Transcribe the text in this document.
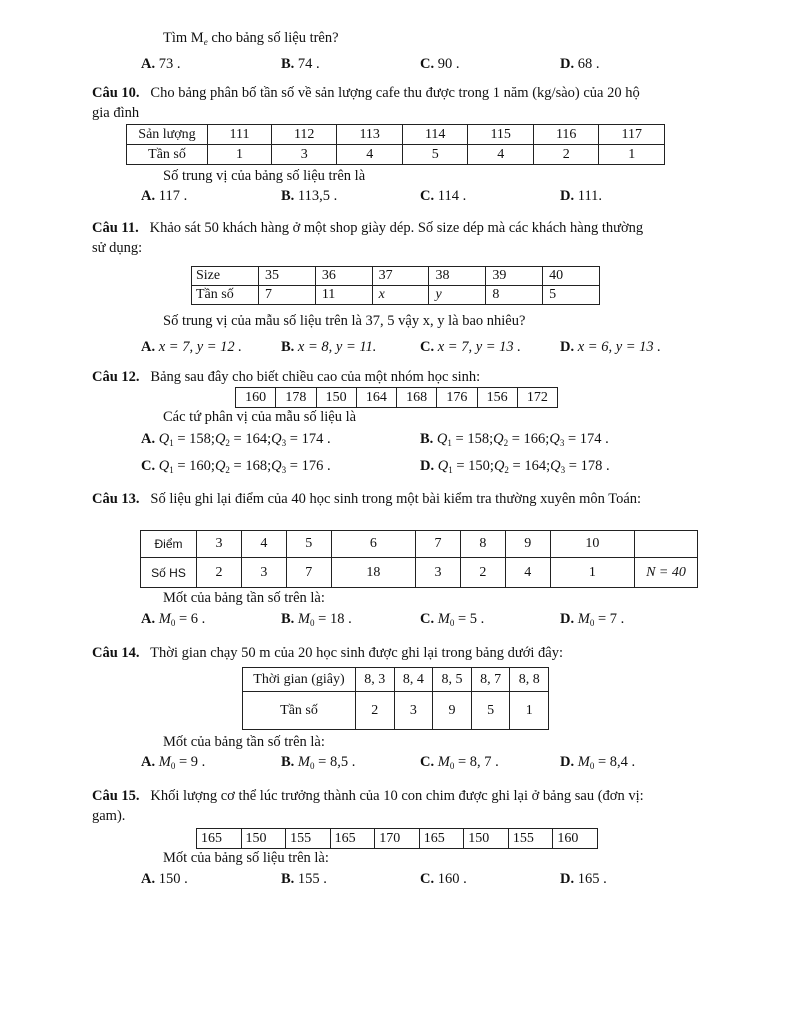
Tìm $M_e$ cho bảng số liệu trên?
A. 73 .	B. 74 .	C. 90 .	D. 68 .
Câu 10. Cho bảng phân bố tần số về sản lượng cafe thu được trong 1 năm (kg/sào) của 20 hộ
gia đình
Sản lượng	111	112	113	114	115	116	117
Tần số	1	3	4	5	4	2	1
Số trung vị của bảng số liệu trên là
A. 117 .	B. 113,5 .	C. 114 .	D. 111.
Câu 11. Khảo sát 50 khách hàng ở một shop giày dép. Số size dép mà các khách hàng thường
sử dụng:
Size	35	36	37	38	39	40
Tần số	7	11	x	y	8	5
Số trung vị của mẫu số liệu trên là 37, 5 vậy x, y là bao nhiêu?
A. x = 7, y = 12 .	B. x = 8, y = 11.	C. x = 7, y = 13 .	D. x = 6, y = 13 .
Câu 12. Bảng sau đây cho biết chiều cao của một nhóm học sinh:
160	178	150	164	168	176	156	172
Các tứ phân vị của mẫu số liệu là
A. $Q_1$ = $158;Q_2$ = $164;Q_3 = 174$ .	B. $Q_1$ = $158;Q_2$ = $166;Q_3 = 174$ .
C. $Q_1$ = $160;Q_2$ = $168;Q_3 = 176$ .	D. $Q_1$ = $150;Q_2$ = $164;Q_3 = 178$ .
Câu 13. Số liệu ghi lại điểm của 40 học sinh trong một bài kiểm tra thường xuyên môn Toán:
Điểm	3	4	5	6	7	8	9	10	
Số HS	2	3	7	18	3	2	4	1	N = 40
Mốt của bảng tần số trên là:
A. $M_0 = 6$ .	B. $M_0 = 18$ .	C. $M_0 = 5$ .	D. $M_0 = 7$ .
Câu 14. Thời gian chạy 50 m của 20 học sinh được ghi lại trong bảng dưới đây:
Thời gian (giây)	8, 3	8, 4	8, 5	8, 7	8, 8
Tần số	2	3	9	5	1
Mốt của bảng tần số trên là:
A. $M_0 = 9$ .	B. $M_0 = 8,5$ .	C. $M_0 = 8$, 7 .	D. $M_0 = 8,4$ .
Câu 15. Khối lượng cơ thể lúc trưởng thành của 10 con chim được ghi lại ở bảng sau (đơn vị:
gam).
165	150	155	165	170	165	150	155	160
Mốt của bảng số liệu trên là:
A. 150 .	B. 155 .	C. 160 .	D. 165 .
